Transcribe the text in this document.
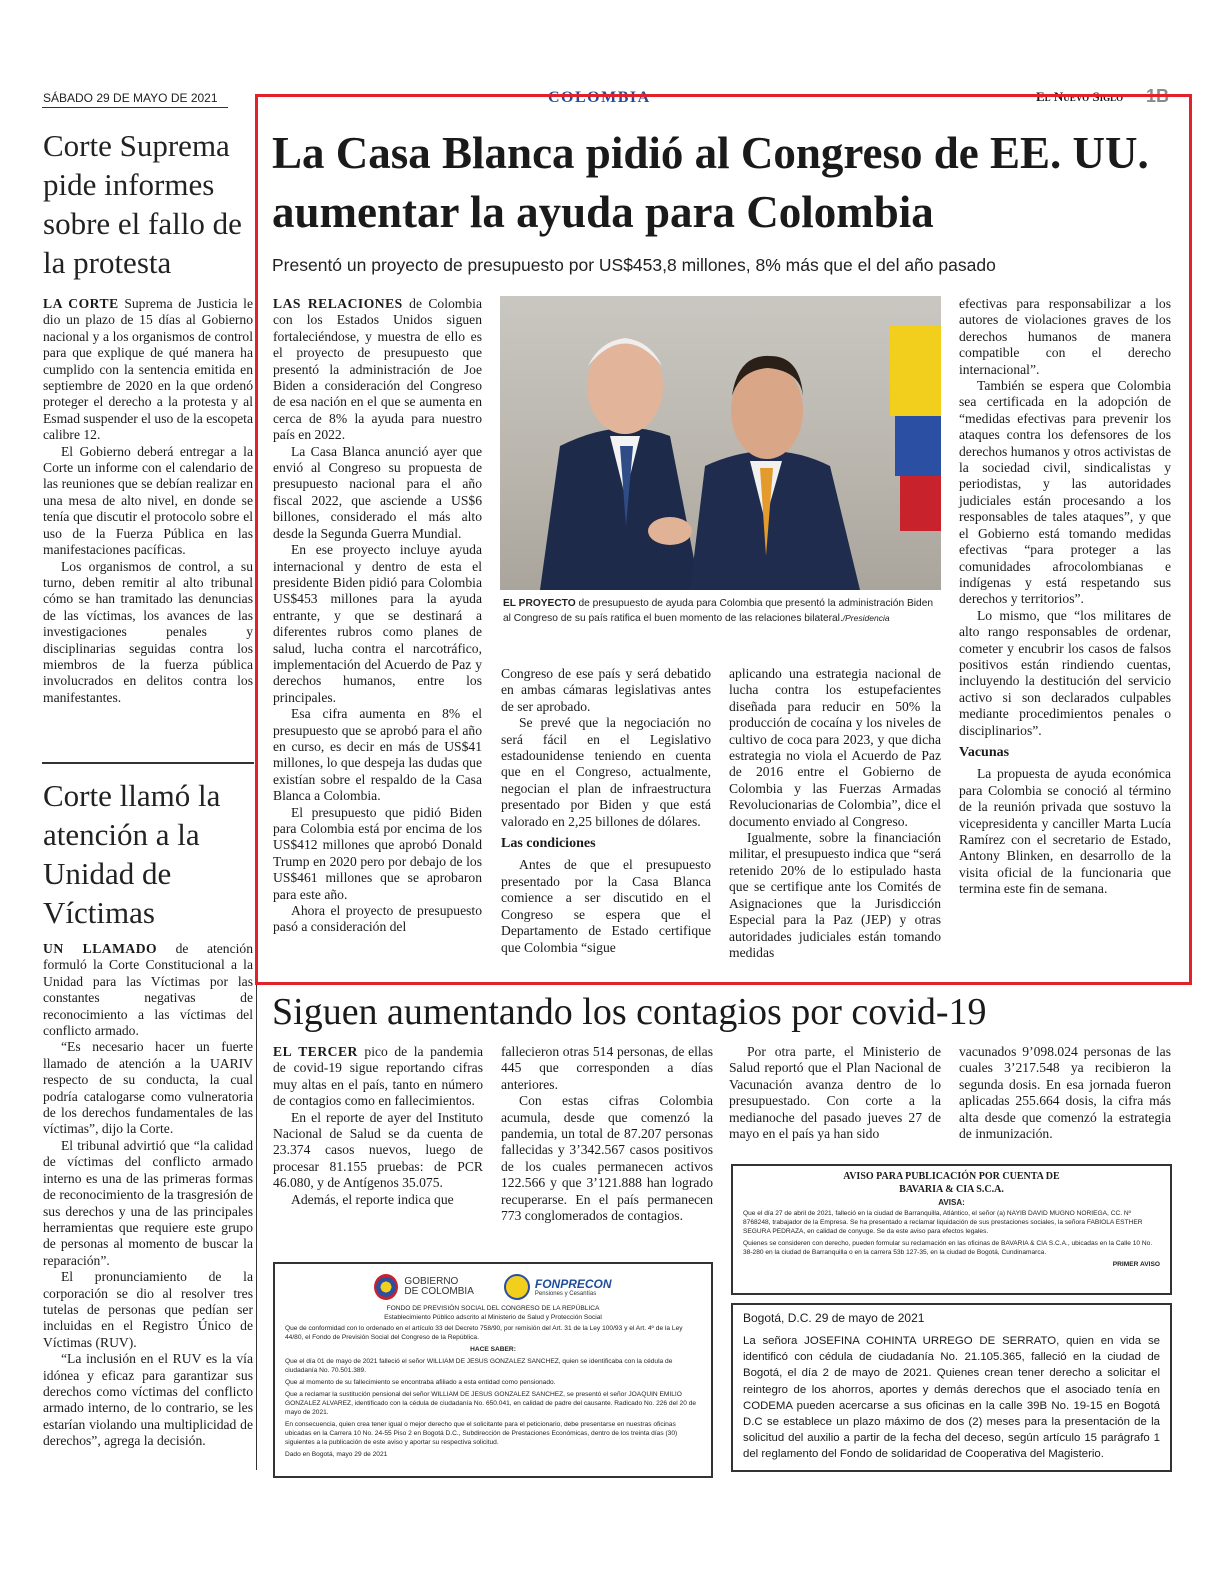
SÁBADO 29 DE MAYO DE 2021	COLOMBIA	El Nuevo Siglo 1B
Corte Suprema pide informes sobre el fallo de la protesta

LA CORTE Suprema de Justicia le dio un plazo de 15 días al Gobierno nacional y a los organismos de control para que explique de qué manera ha cumplido con la sentencia emitida en septiembre de 2020 en la que ordenó proteger el derecho a la protesta y al Esmad suspender el uso de la escopeta calibre 12.

El Gobierno deberá entregar a la Corte un informe con el calendario de las reuniones que se debían realizar en una mesa de alto nivel, en donde se tenía que discutir el protocolo sobre el uso de la Fuerza Pública en las manifestaciones pacíficas.

Los organismos de control, a su turno, deben remitir al alto tribunal cómo se han tramitado las denuncias de las víctimas, los avances de las investigaciones penales y disciplinarias seguidas contra los miembros de la fuerza pública involucrados en delitos contra los manifestantes.

Corte llamó la atención a la Unidad de Víctimas

UN LLAMADO de atención formuló la Corte Constitucional a la Unidad para las Víctimas por las constantes negativas de reconocimiento a las víctimas del conflicto armado.

“Es necesario hacer un fuerte llamado de atención a la UARIV respecto de su conducta, la cual podría catalogarse como vulneratoria de los derechos fundamentales de las víctimas”, dijo la Corte.

El tribunal advirtió que “la calidad de víctimas del conflicto armado interno es una de las primeras formas de reconocimiento de la trasgresión de sus derechos y una de las principales herramientas que requiere este grupo de personas al momento de buscar la reparación”.

El pronunciamiento de la corporación se dio al resolver tres tutelas de personas que pedían ser incluidas en el Registro Único de Víctimas (RUV).

“La inclusión en el RUV es la vía idónea y eficaz para garantizar sus derechos como víctimas del conflicto armado interno, de lo contrario, se les estarían violando una multiplicidad de derechos”, agrega la decisión.

La Casa Blanca pidió al Congreso de EE. UU. aumentar la ayuda para Colombia
Presentó un proyecto de presupuesto por US$453,8 millones, 8% más que el del año pasado

LAS RELACIONES de Colombia con los Estados Unidos siguen fortaleciéndose, y muestra de ello es el proyecto de presupuesto que presentó la administración de Joe Biden a consideración del Congreso de esa nación en el que se aumenta en cerca de 8% la ayuda para nuestro país en 2022.

La Casa Blanca anunció ayer que envió al Congreso su propuesta de presupuesto nacional para el año fiscal 2022, que asciende a US$6 billones, considerado el más alto desde la Segunda Guerra Mundial.

En ese proyecto incluye ayuda internacional y dentro de esta el presidente Biden pidió para Colombia US$453 millones para la ayuda entrante, y que se destinará a diferentes rubros como planes de salud, lucha contra el narcotráfico, implementación del Acuerdo de Paz y derechos humanos, entre los principales.

Esa cifra aumenta en 8% el presupuesto que se aprobó para el año en curso, es decir en más de US$41 millones, lo que despeja las dudas que existían sobre el respaldo de la Casa Blanca a Colombia.

El presupuesto que pidió Biden para Colombia está por encima de los US$412 millones que aprobó Donald Trump en 2020 pero por debajo de los US$461 millones que se aprobaron para este año.

Ahora el proyecto de presupuesto pasó a consideración del

EL PROYECTO de presupuesto de ayuda para Colombia que presentó la administración Biden al Congreso de su país ratifica el buen momento de las relaciones bilateral./Presidencia

Congreso de ese país y será debatido en ambas cámaras legislativas antes de ser aprobado.

Se prevé que la negociación no será fácil en el Legislativo estadounidense teniendo en cuenta que en el Congreso, actualmente, negocian el plan de infraestructura presentado por Biden y que está valorado en 2,25 billones de dólares.

Las condiciones

Antes de que el presupuesto presentado por la Casa Blanca comience a ser discutido en el Congreso se espera que el Departamento de Estado certifique que Colombia “sigue

aplicando una estrategia nacional de lucha contra los estupefacientes diseñada para reducir en 50% la producción de cocaína y los niveles de cultivo de coca para 2023, y que dicha estrategia no viola el Acuerdo de Paz de 2016 entre el Gobierno de Colombia y las Fuerzas Armadas Revolucionarias de Colombia”, dice el documento enviado al Congreso.

Igualmente, sobre la financiación militar, el presupuesto indica que “será retenido 20% de lo estipulado hasta que se certifique ante los Comités de Asignaciones que la Jurisdicción Especial para la Paz (JEP) y otras autoridades judiciales están tomando medidas

efectivas para responsabilizar a los autores de violaciones graves de los derechos humanos de manera compatible con el derecho internacional”.

También se espera que Colombia sea certificada en la adopción de “medidas efectivas para prevenir los ataques contra los defensores de los derechos humanos y otros activistas de la sociedad civil, sindicalistas y periodistas, y las autoridades judiciales están procesando a los responsables de tales ataques”, y que el Gobierno está tomando medidas efectivas “para proteger a las comunidades afrocolombianas e indígenas y está respetando sus derechos y territorios”.

Lo mismo, que “los militares de alto rango responsables de ordenar, cometer y encubrir los casos de falsos positivos están rindiendo cuentas, incluyendo la destitución del servicio activo si son declarados culpables mediante procedimientos penales o disciplinarios”.

Vacunas

La propuesta de ayuda económica para Colombia se conoció al término de la reunión privada que sostuvo la vicepresidenta y canciller Marta Lucía Ramírez con el secretario de Estado, Antony Blinken, en desarrollo de la visita oficial de la funcionaria que termina este fin de semana.

Siguen aumentando los contagios por covid-19

EL TERCER pico de la pandemia de covid-19 sigue reportando cifras muy altas en el país, tanto en número de contagios como en fallecimientos.

En el reporte de ayer del Instituto Nacional de Salud se da cuenta de 23.374 casos nuevos, luego de procesar 81.155 pruebas: de PCR 46.080, y de Antígenos 35.075.

Además, el reporte indica que

fallecieron otras 514 personas, de ellas 445 que corresponden a días anteriores.

Con estas cifras Colombia acumula, desde que comenzó la pandemia, un total de 87.207 personas fallecidas y 3’342.567 casos positivos de los cuales permanecen activos 122.566 y que 3’121.888 han logrado recuperarse. En el país permanecen 773 conglomerados de contagios.

Por otra parte, el Ministerio de Salud reportó que el Plan Nacional de Vacunación avanza dentro de lo presupuestado. Con corte a la medianoche del pasado jueves 27 de mayo en el país ya han sido

vacunados 9’098.024 personas de las cuales 3’217.548 ya recibieron la segunda dosis. En esa jornada fueron aplicadas 255.664 dosis, la cifra más alta desde que comenzó la estrategia de inmunización.

GOBIERNO
DE COLOMBIA
FONPRECON
Pensiones y Cesantías
FONDO DE PREVISIÓN SOCIAL DEL CONGRESO DE LA REPÚBLICA
Establecimiento Público adscrito al Ministerio de Salud y Protección Social

Que de conformidad con lo ordenado en el artículo 33 del Decreto 758/90, por remisión del Art. 31 de la Ley 100/93 y el Art. 4º de la Ley 44/80, el Fondo de Previsión Social del Congreso de la República.

HACE SABER:

Que el día 01 de mayo de 2021 falleció el señor WILLIAM DE JESUS GONZALEZ SANCHEZ, quien se identificaba con la cédula de ciudadanía No. 70.501.389.

Que al momento de su fallecimiento se encontraba afiliado a esta entidad como pensionado.

Que a reclamar la sustitución pensional del señor WILLIAM DE JESUS GONZALEZ SANCHEZ, se presentó el señor JOAQUIN EMILIO GONZALEZ ALVAREZ, identificado con la cédula de ciudadanía No. 650.041, en calidad de padre del causante. Radicado No. 226 del 20 de mayo de 2021.

En consecuencia, quien crea tener igual o mejor derecho que el solicitante para el peticionario, debe presentarse en nuestras oficinas ubicadas en la Carrera 10 No. 24-55 Piso 2 en Bogotá D.C., Subdirección de Prestaciones Económicas, dentro de los treinta días (30) siguientes a la publicación de este aviso y aportar su respectiva solicitud.

Dado en Bogotá, mayo 29 de 2021

AVISO PARA PUBLICACIÓN POR CUENTA DE
BAVARIA & CIA S.C.A.

AVISA:

Que el día 27 de abril de 2021, falleció en la ciudad de Barranquilla, Atlántico, el señor (a) NAYIB DAVID MUGNO NORIEGA, CC. Nº 8768248, trabajador de la Empresa. Se ha presentado a reclamar liquidación de sus prestaciones sociales, la señora FABIOLA ESTHER SEGURA PEDRAZA, en calidad de conyuge. Se da este aviso para efectos legales.

Quienes se consideren con derecho, pueden formular su reclamación en las oficinas de BAVARIA & CIA S.C.A., ubicadas en la Calle 10 No. 38-280 en la ciudad de Barranquilla o en la carrera 53b 127-35, en la ciudad de Bogotá, Cundinamarca.

PRIMER AVISO

Bogotá, D.C. 29 de mayo de 2021
La señora JOSEFINA COHINTA URREGO DE SERRATO, quien en vida se identificó con cédula de ciudadanía No. 21.105.365, falleció en la ciudad de Bogotá, el día 2 de mayo de 2021. Quienes crean tener derecho a solicitar el reintegro de los ahorros, aportes y demás derechos que el asociado tenía en CODEMA pueden acercarse a sus oficinas en la calle 39B No. 19-15 en Bogotá D.C se establece un plazo máximo de dos (2) meses para la presentación de la solicitud del auxilio a partir de la fecha del deceso, según artículo 15 parágrafo 1 del reglamento del Fondo de solidaridad de Cooperativa del Magisterio.
